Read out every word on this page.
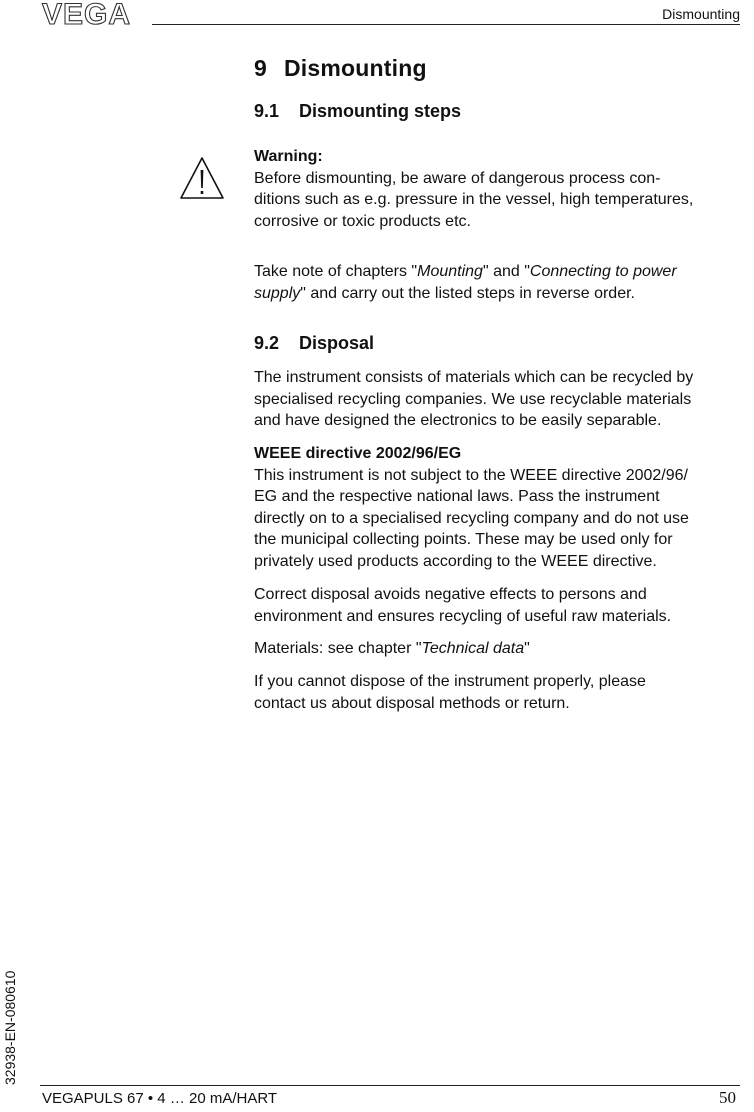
VEGA	Dismounting
9 Dismounting
9.1 Dismounting steps

Warning:

Before dismounting, be aware of dangerous process con-

ditions such as e.g. pressure in the vessel, high temperatures,

corrosive or toxic products etc.

Take note of chapters "Mounting" and "Connecting to power

supply" and carry out the listed steps in reverse order.

9.2 Disposal

The instrument consists of materials which can be recycled by

specialised recycling companies. We use recyclable materials

and have designed the electronics to be easily separable.

WEEE directive 2002/96/EG

This instrument is not subject to the WEEE directive 2002/96/

EG and the respective national laws. Pass the instrument

directly on to a specialised recycling company and do not use

the municipal collecting points. These may be used only for

privately used products according to the WEEE directive.

Correct disposal avoids negative effects to persons and

environment and ensures recycling of useful raw materials.

Materials: see chapter "Technical data"

If you cannot dispose of the instrument properly, please

contact us about disposal methods or return.

32938-EN-080610
VEGAPULS 67 • 4 … 20 mA/HART	50
